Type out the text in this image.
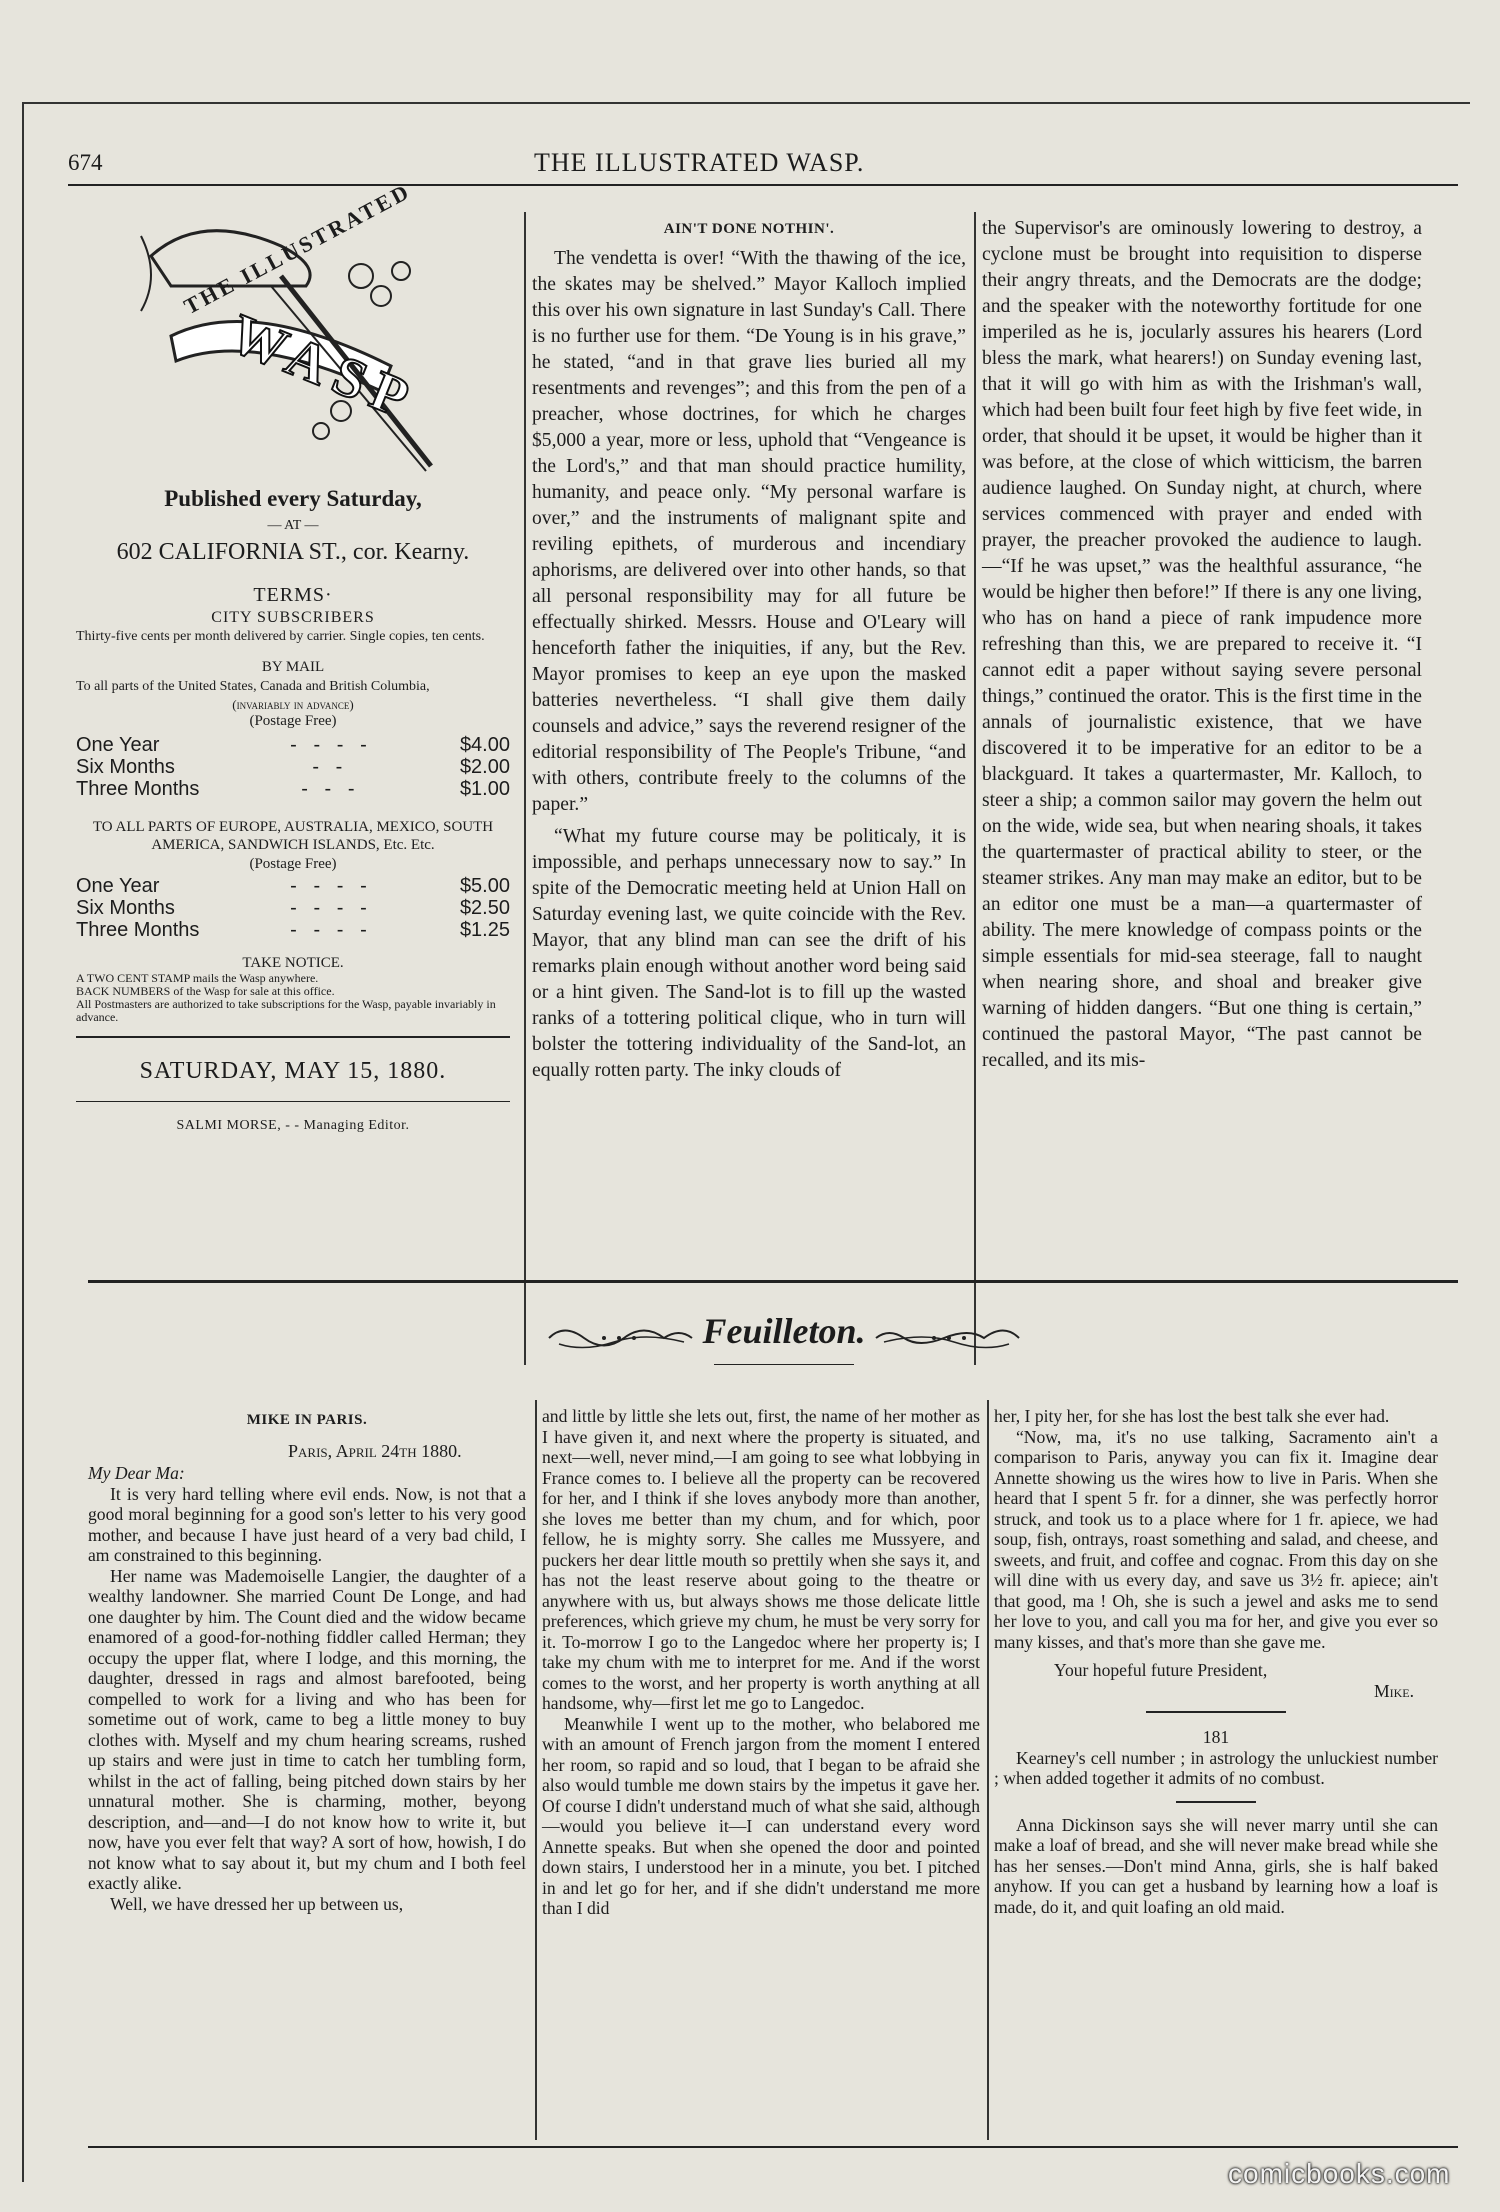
674	THE ILLUSTRATED WASP.
THE ILLUSTRATED
WASP
Published every Saturday,
— AT —
602 CALIFORNIA ST., cor. Kearny.
TERMS·
CITY SUBSCRIBERS
Thirty-five cents per month delivered by carrier. Single copies, ten cents.
BY MAIL
To all parts of the United States, Canada and British Columbia,
(invariably in advance)
(Postage Free)
One Year	-   -   -   -	$4.00
Six Months	-   -	$2.00
Three Months	-   -   -	$1.00
TO ALL PARTS OF EUROPE, AUSTRALIA, MEXICO, SOUTH AMERICA, SANDWICH ISLANDS, Etc. Etc.
(Postage Free)
One Year	-   -   -   -	$5.00
Six Months	-   -   -   -	$2.50
Three Months	-   -   -   -	$1.25
TAKE NOTICE.
A TWO CENT STAMP mails the Wasp anywhere.
BACK NUMBERS of the Wasp for sale at this office.
All Postmasters are authorized to take subscriptions for the Wasp, payable invariably in advance.
SATURDAY, MAY 15, 1880.
SALMI MORSE, - - Managing Editor.
AIN'T DONE NOTHIN'.

The vendetta is over! “With the thawing of the ice, the skates may be shelved.” Mayor Kalloch implied this over his own signature in last Sunday's Call. There is no further use for them. “De Young is in his grave,” he stated, “and in that grave lies buried all my resentments and revenges”; and this from the pen of a preacher, whose doctrines, for which he charges $5,000 a year, more or less, uphold that “Vengeance is the Lord's,” and that man should practice humility, humanity, and peace only. “My personal warfare is over,” and the instruments of malignant spite and reviling epithets, of murderous and incendiary aphorisms, are delivered over into other hands, so that all personal responsibility may for all future be effectually shirked. Messrs. House and O'Leary will henceforth father the iniquities, if any, but the Rev. Mayor promises to keep an eye upon the masked batteries nevertheless. “I shall give them daily counsels and advice,” says the reverend resigner of the editorial responsibility of The People's Tribune, “and with others, contribute freely to the columns of the paper.”

“What my future course may be politicaly, it is impossible, and perhaps unnecessary now to say.” In spite of the Democratic meeting held at Union Hall on Saturday evening last, we quite coincide with the Rev. Mayor, that any blind man can see the drift of his remarks plain enough without another word being said or a hint given. The Sand-lot is to fill up the wasted ranks of a tottering political clique, who in turn will bolster the tottering individuality of the Sand-lot, an equally rotten party. The inky clouds of

the Supervisor's are ominously lowering to destroy, a cyclone must be brought into requisition to disperse their angry threats, and the Democrats are the dodge; and the speaker with the noteworthy fortitude for one imperiled as he is, jocularly assures his hearers (Lord bless the mark, what hearers!) on Sunday evening last, that it will go with him as with the Irishman's wall, which had been built four feet high by five feet wide, in order, that should it be upset, it would be higher than it was before, at the close of which witticism, the barren audience laughed. On Sunday night, at church, where services commenced with prayer and ended with prayer, the preacher provoked the audience to laugh.—“If he was upset,” was the healthful assurance, “he would be higher then before!” If there is any one living, who has on hand a piece of rank impudence more refreshing than this, we are prepared to receive it. “I cannot edit a paper without saying severe personal things,” continued the orator. This is the first time in the annals of journalistic existence, that we have discovered it to be imperative for an editor to be a blackguard. It takes a quartermaster, Mr. Kalloch, to steer a ship; a common sailor may govern the helm out on the wide, wide sea, but when nearing shoals, it takes the quartermaster of practical ability to steer, or the steamer strikes. Any man may make an editor, but to be an editor one must be a man—a quartermaster of ability. The mere knowledge of compass points or the simple essentials for mid-sea steerage, fall to naught when nearing shore, and shoal and breaker give warning of hidden dangers. “But one thing is certain,” continued the pastoral Mayor, “The past cannot be recalled, and its mis-

Feuilleton.
MIKE IN PARIS.
Paris, April 24th 1880.
My Dear Ma:

It is very hard telling where evil ends. Now, is not that a good moral beginning for a good son's letter to his very good mother, and because I have just heard of a very bad child, I am constrained to this beginning.

Her name was Mademoiselle Langier, the daughter of a wealthy landowner. She married Count De Longe, and had one daughter by him. The Count died and the widow became enamored of a good-for-nothing fiddler called Herman; they occupy the upper flat, where I lodge, and this morning, the daughter, dressed in rags and almost barefooted, being compelled to work for a living and who has been for sometime out of work, came to beg a little money to buy clothes with. Myself and my chum hearing screams, rushed up stairs and were just in time to catch her tumbling form, whilst in the act of falling, being pitched down stairs by her unnatural mother. She is charming, mother, beyong description, and—and—I do not know how to write it, but now, have you ever felt that way? A sort of how, howish, I do not know what to say about it, but my chum and I both feel exactly alike.

Well, we have dressed her up between us,

and little by little she lets out, first, the name of her mother as I have given it, and next where the property is situated, and next—well, never mind,—I am going to see what lobbying in France comes to. I believe all the property can be recovered for her, and I think if she loves anybody more than another, she loves me better than my chum, and for which, poor fellow, he is mighty sorry. She calles me Mussyere, and puckers her dear little mouth so prettily when she says it, and has not the least reserve about going to the theatre or anywhere with us, but always shows me those delicate little preferences, which grieve my chum, he must be very sorry for it. To-morrow I go to the Langedoc where her property is; I take my chum with me to interpret for me. And if the worst comes to the worst, and her property is worth anything at all handsome, why—first let me go to Langedoc.

Meanwhile I went up to the mother, who belabored me with an amount of French jargon from the moment I entered her room, so rapid and so loud, that I began to be afraid she also would tumble me down stairs by the impetus it gave her. Of course I didn't understand much of what she said, although—would you believe it—I can understand every word Annette speaks. But when she opened the door and pointed down stairs, I understood her in a minute, you bet. I pitched in and let go for her, and if she didn't understand me more than I did

her, I pity her, for she has lost the best talk she ever had.

“Now, ma, it's no use talking, Sacramento ain't a comparison to Paris, anyway you can fix it. Imagine dear Annette showing us the wires how to live in Paris. When she heard that I spent 5 fr. for a dinner, she was perfectly horror struck, and took us to a place where for 1 fr. apiece, we had soup, fish, ontrays, roast something and salad, and cheese, and sweets, and fruit, and coffee and cognac. From this day on she will dine with us every day, and save us 3½ fr. apiece; ain't that good, ma ! Oh, she is such a jewel and asks me to send her love to you, and call you ma for her, and give you ever so many kisses, and that's more than she gave me.

Your hopeful future President,
Mike.
181

Kearney's cell number ; in astrology the unluckiest number ; when added together it admits of no combust.

Anna Dickinson says she will never marry until she can make a loaf of bread, and she will never make bread while she has her senses.—Don't mind Anna, girls, she is half baked anyhow. If you can get a husband by learning how a loaf is made, do it, and quit loafing an old maid.

comicbooks.com
